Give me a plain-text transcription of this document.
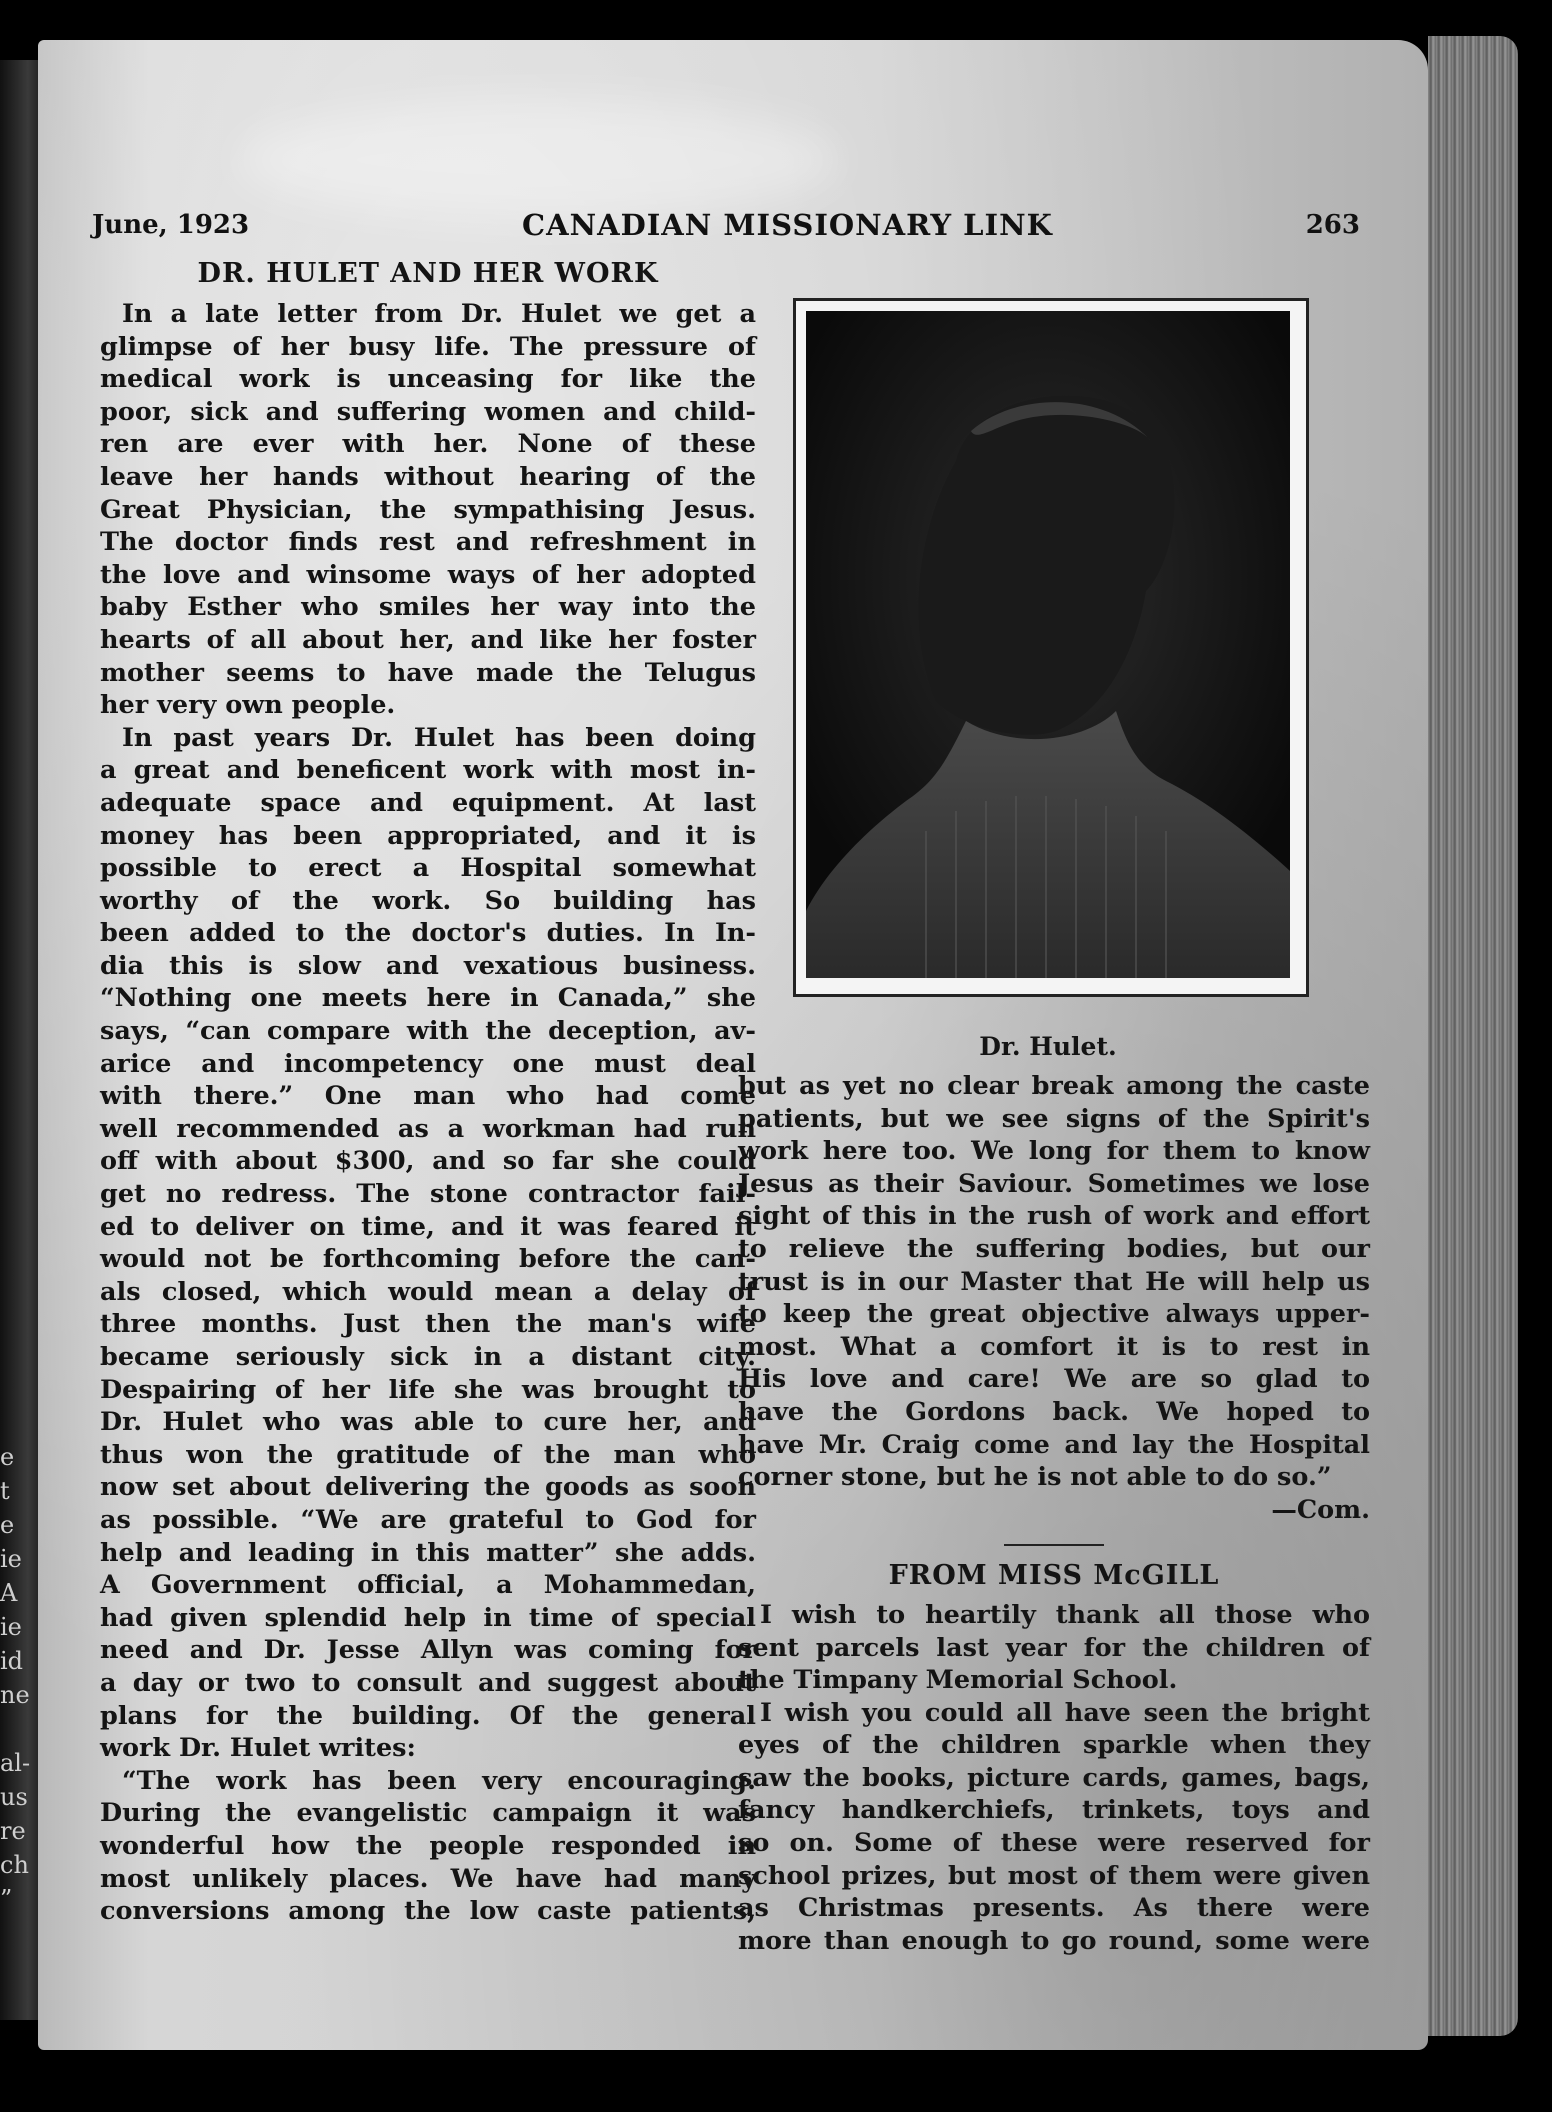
e
t
e
ie
A
ie
id
ne
al-
us
re
ch
”
June, 1923	CANADIAN MISSIONARY LINK	263
DR. HULET AND HER WORK
In a late letter from Dr. Hulet we get a
glimpse of her busy life. The pressure of
medical work is unceasing for like the
poor, sick and suffering women and child-
ren are ever with her. None of these
leave her hands without hearing of the
Great Physician, the sympathising Jesus.
The doctor finds rest and refreshment in
the love and winsome ways of her adopted
baby Esther who smiles her way into the
hearts of all about her, and like her foster
mother seems to have made the Telugus
her very own people.
In past years Dr. Hulet has been doing
a great and beneficent work with most in-
adequate space and equipment. At last
money has been appropriated, and it is
possible to erect a Hospital somewhat
worthy of the work. So building has
been added to the doctor's duties. In In-
dia this is slow and vexatious business.
“Nothing one meets here in Canada,” she
says, “can compare with the deception, av-
arice and incompetency one must deal
with there.” One man who had come
well recommended as a workman had run
off with about $300, and so far she could
get no redress. The stone contractor fail-
ed to deliver on time, and it was feared it
would not be forthcoming before the can-
als closed, which would mean a delay of
three months. Just then the man's wife
became seriously sick in a distant city.
Despairing of her life she was brought to
Dr. Hulet who was able to cure her, and
thus won the gratitude of the man who
now set about delivering the goods as soon
as possible. “We are grateful to God for
help and leading in this matter” she adds.
A Government official, a Mohammedan,
had given splendid help in time of special
need and Dr. Jesse Allyn was coming for
a day or two to consult and suggest about
plans for the building. Of the general
work Dr. Hulet writes:
“The work has been very encouraging.
During the evangelistic campaign it was
wonderful how the people responded in
most unlikely places. We have had many
conversions among the low caste patients,
Dr. Hulet.
but as yet no clear break among the caste
patients, but we see signs of the Spirit's
work here too. We long for them to know
Jesus as their Saviour. Sometimes we lose
sight of this in the rush of work and effort
to relieve the suffering bodies, but our
trust is in our Master that He will help us
to keep the great objective always upper-
most. What a comfort it is to rest in
His love and care! We are so glad to
have the Gordons back. We hoped to
have Mr. Craig come and lay the Hospital
corner stone, but he is not able to do so.”
—Com.
FROM MISS McGILL
I wish to heartily thank all those who
sent parcels last year for the children of
the Timpany Memorial School.
I wish you could all have seen the bright
eyes of the children sparkle when they
saw the books, picture cards, games, bags,
fancy handkerchiefs, trinkets, toys and
so on. Some of these were reserved for
school prizes, but most of them were given
as Christmas presents. As there were
more than enough to go round, some were
